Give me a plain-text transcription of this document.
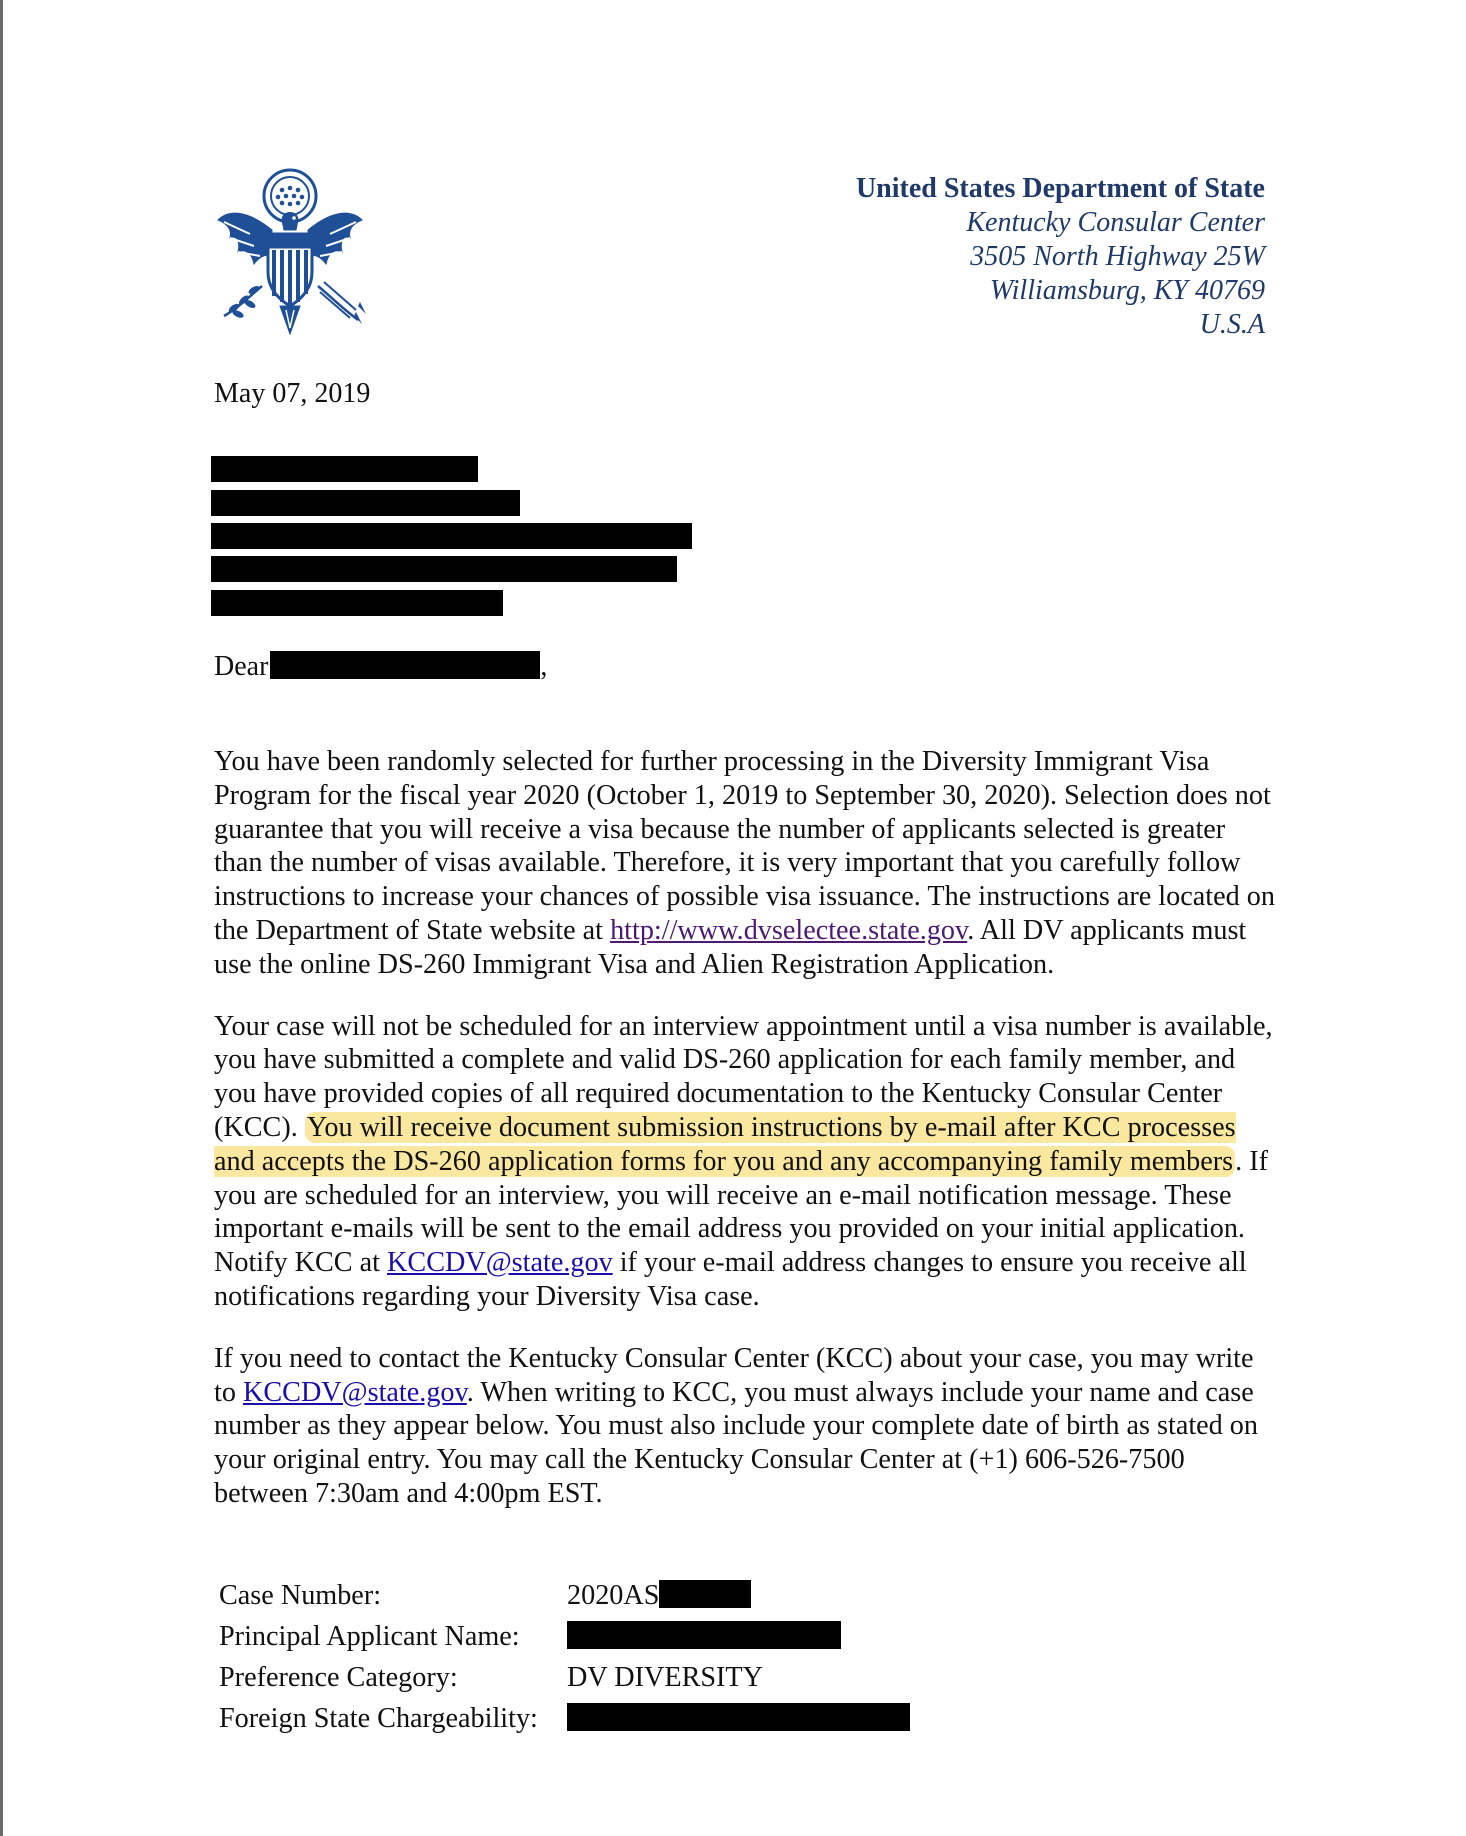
United States Department of State
Kentucky Consular Center
3505 North Highway 25W
Williamsburg, KY 40769
U.S.A
May 07, 2019
Dear	,

You have been randomly selected for further processing in the Diversity Immigrant Visa Program for the fiscal year 2020 (October 1, 2019 to September 30, 2020). Selection does not guarantee that you will receive a visa because the number of applicants selected is greater than the number of visas available. Therefore, it is very important that you carefully follow instructions to increase your chances of possible visa issuance. The instructions are located on the Department of State website at http://www.dvselectee.state.gov. All DV applicants must use the online DS-260 Immigrant Visa and Alien Registration Application.

Your case will not be scheduled for an interview appointment until a visa number is available, you have submitted a complete and valid DS-260 application for each family member, and you have provided copies of all required documentation to the Kentucky Consular Center (KCC). You will receive document submission instructions by e-mail after KCC processes and accepts the DS-260 application forms for you and any accompanying family members. If you are scheduled for an interview, you will receive an e-mail notification message. These important e-mails will be sent to the email address you provided on your initial application. Notify KCC at KCCDV@state.gov if your e-mail address changes to ensure you receive all notifications regarding your Diversity Visa case.

If you need to contact the Kentucky Consular Center (KCC) about your case, you may write to KCCDV@state.gov. When writing to KCC, you must always include your name and case number as they appear below. You must also include your complete date of birth as stated on your original entry. You may call the Kentucky Consular Center at (+1) 606-526-7500 between 7:30am and 4:00pm EST.

Case Number:	2020AS
Principal Applicant Name:	
Preference Category:	DV DIVERSITY
Foreign State Chargeability:	
